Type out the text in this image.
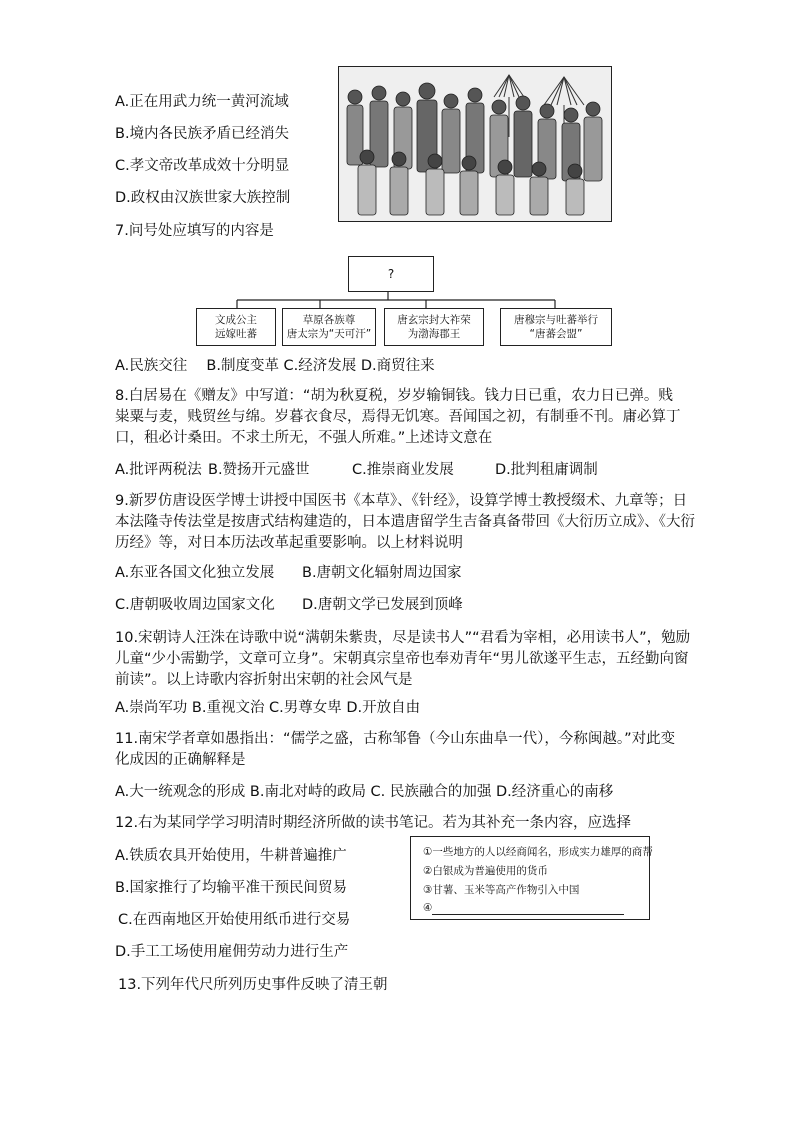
A.正在用武力统一黄河流域
B.境内各民族矛盾已经消失
C.孝文帝改革成效十分明显
D.政权由汉族世家大族控制
7.问号处应填写的内容是
?
文成公主
远嫁吐蕃
草原各族尊
唐太宗为“天可汗”
唐玄宗封大祚荣
为渤海郡王
唐穆宗与吐蕃举行
“唐蕃会盟”
A.民族交往　 B.制度变革 C.经济发展 D.商贸往来
8.白居易在《赠友》中写道：“胡为秋夏税，岁岁输铜钱。钱力日已重，农力日已弹。贱粜粟与麦，贱贸丝与绵。岁暮衣食尽，焉得无饥寒。吾闻国之初，有制垂不刊。庸必算丁口，租必计桑田。不求土所无，不强人所难。”上述诗文意在
A.批评两税法 B.赞扬开元盛世	C.推崇商业发展	D.批判租庸调制
9.新罗仿唐设医学博士讲授中国医书《本草》、《针经》，设算学博士教授缀术、九章等；日本法隆寺传法堂是按唐式结构建造的，日本遣唐留学生吉备真备带回《大衍历立成》、《大衍历经》等，对日本历法改革起重要影响。以上材料说明
A.东亚各国文化独立发展 B.唐朝文化辐射周边国家
C.唐朝吸收周边国家文化 D.唐朝文学已发展到顶峰
10.宋朝诗人汪洙在诗歌中说“满朝朱紫贵，尽是读书人”“君看为宰相，必用读书人”，勉励儿童“少小需勤学，文章可立身”。宋朝真宗皇帝也奉劝青年“男儿欲遂平生志，五经勤向窗前读”。以上诗歌内容折射出宋朝的社会风气是
A.崇尚军功 B.重视文治 C.男尊女卑 D.开放自由
11.南宋学者章如愚指出：“儒学之盛，古称邹鲁（今山东曲阜一代），今称闽越。”对此变化成因的正确解释是
A.大一统观念的形成 B.南北对峙的政局 C. 民族融合的加强 D.经济重心的南移
12.右为某同学学习明清时期经济所做的读书笔记。若为其补充一条内容，应选择
A.铁质农具开始使用，牛耕普遍推广
B.国家推行了均输平准干预民间贸易
C.在西南地区开始使用纸币进行交易
D.手工工场使用雇佣劳动力进行生产
①一些地方的人以经商闻名，形成实力雄厚的商帮
②白银成为普遍使用的货币
③甘薯、玉米等高产作物引入中国
④
13.下列年代尺所列历史事件反映了清王朝
